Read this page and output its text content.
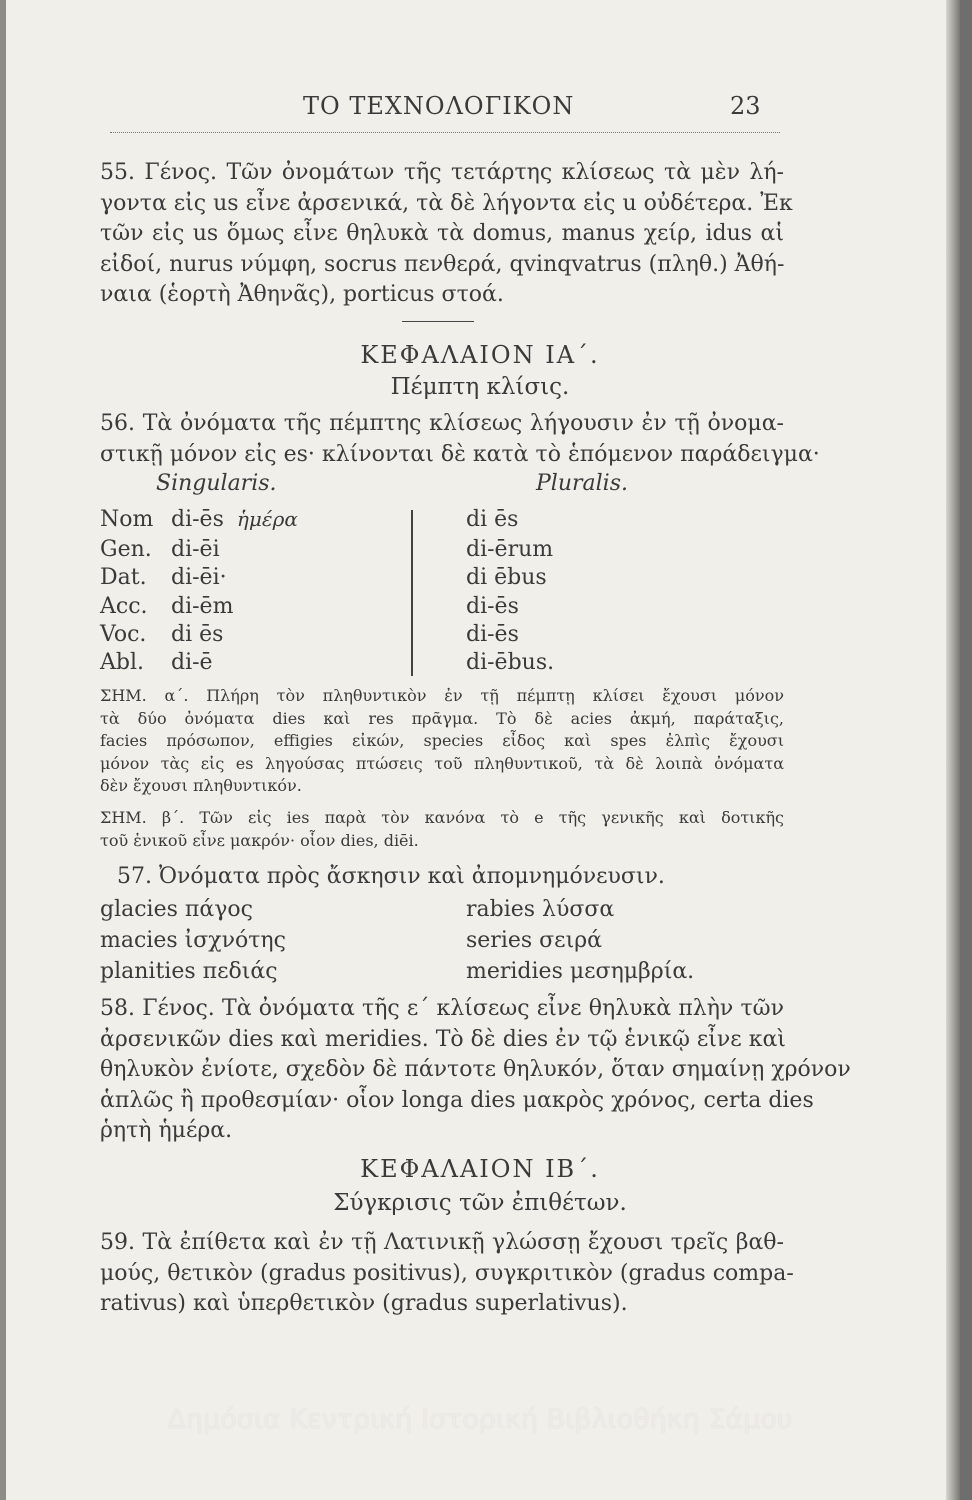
ΤΟ ΤΕΧΝΟΛΟΓΙΚΟΝ	23
55. Γένος. Τῶν ὀνομάτων τῆς τετάρτης κλίσεως τὰ μὲν λή-
γοντα εἰς us εἶνε ἀρσενικά, τὰ δὲ λήγοντα εἰς u οὐδέτερα. Ἐκ
τῶν εἰς us ὅμως εἶνε θηλυκὰ τὰ domus, manus χείρ, idus αἱ
εἰδοί, nurus νύμφη, socrus πενθερά, qvinqvatrus (πληθ.) Ἀθή-
ναια (ἑορτὴ Ἀθηνᾶς), porticus στοά.
ΚΕΦΑΛΑΙΟΝ ΙΑ΄.
Πέμπτη κλίσις.
56. Τὰ ὀνόματα τῆς πέμπτης κλίσεως λήγουσιν ἐν τῇ ὀνομα-
στικῇ μόνον εἰς es· κλίνονται δὲ κατὰ τὸ ἑπόμενον παράδειγμα·
Singularis.	Pluralis.
Nom di-ēs ἡμέρα
Gen. di-ēi
Dat. di-ēi·
Acc. di-ēm
Voc. di ēs
Abl. di-ē
di ēs
di-ērum
di ēbus
di-ēs
di-ēs
di-ēbus.
ΣΗΜ. α΄. Πλήρη τὸν πληθυντικὸν ἐν τῇ πέμπτῃ κλίσει ἔχουσι μόνον
τὰ δύο ὀνόματα dies καὶ res πρᾶγμα. Τὸ δὲ acies ἀκμή, παράταξις,
facies πρόσωπον, effigies εἰκών, species εἶδος καὶ spes ἐλπὶς ἔχουσι
μόνον τὰς εἰς es ληγούσας πτώσεις τοῦ πληθυντικοῦ, τὰ δὲ λοιπὰ ὀνόματα
δὲν ἔχουσι πληθυντικόν.
ΣΗΜ. β΄. Τῶν εἰς ies παρὰ τὸν κανόνα τὸ e τῆς γενικῆς καὶ δοτικῆς
τοῦ ἑνικοῦ εἶνε μακρόν· οἷον dies, diēi.
57. Ὀνόματα πρὸς ἄσκησιν καὶ ἀπομνημόνευσιν.
glacies πάγος
macies ἰσχνότης
planities πεδιάς
rabies λύσσα
series σειρά
meridies μεσημβρία.
58. Γένος. Τὰ ὀνόματα τῆς ε΄ κλίσεως εἶνε θηλυκὰ πλὴν τῶν
ἀρσενικῶν dies καὶ meridies. Τὸ δὲ dies ἐν τῷ ἑνικῷ εἶνε καὶ
θηλυκὸν ἐνίοτε, σχεδὸν δὲ πάντοτε θηλυκόν, ὅταν σημαίνῃ χρόνον
ἁπλῶς ἢ προθεσμίαν· οἷον longa dies μακρὸς χρόνος, certa dies
ῥητὴ ἡμέρα.
ΚΕΦΑΛΑΙΟΝ ΙΒ΄.
Σύγκρισις τῶν ἐπιθέτων.
59. Τὰ ἐπίθετα καὶ ἐν τῇ Λατινικῇ γλώσσῃ ἔχουσι τρεῖς βαθ-
μούς, θετικὸν (gradus positivus), συγκριτικὸν (gradus compa-
rativus) καὶ ὑπερθετικὸν (gradus superlativus).
Δημόσια Κεντρική Ιστορική Βιβλιοθήκη Σάμου
